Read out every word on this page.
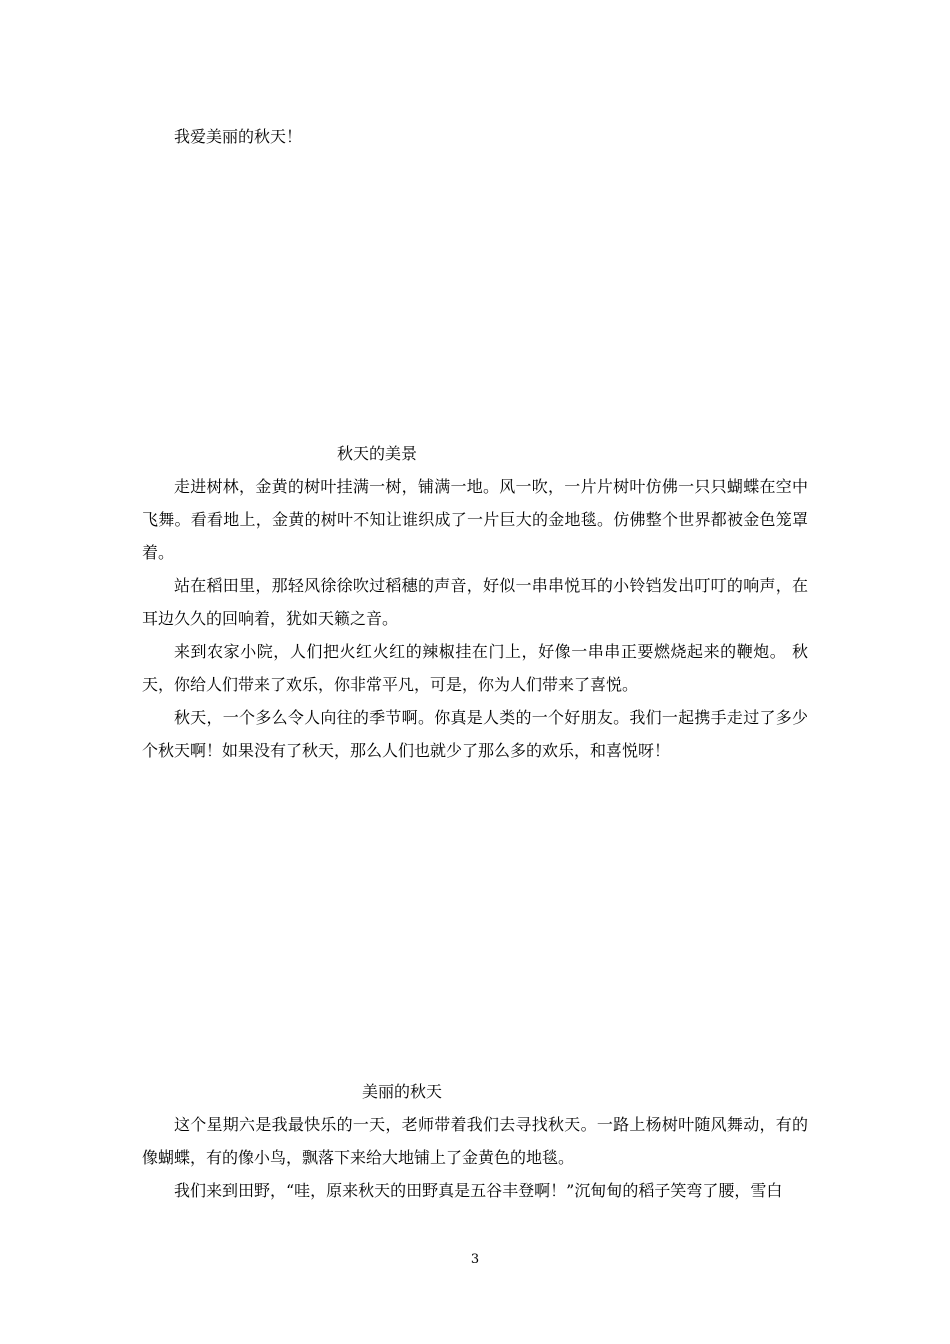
我爱美丽的秋天！

秋天的美景

走进树林，金黄的树叶挂满一树，铺满一地。风一吹，一片片树叶仿佛一只只蝴蝶在空中飞舞。看看地上，金黄的树叶不知让谁织成了一片巨大的金地毯。仿佛整个世界都被金色笼罩着。

站在稻田里，那轻风徐徐吹过稻穗的声音，好似一串串悦耳的小铃铛发出叮叮的响声，在耳边久久的回响着，犹如天籁之音。

来到农家小院，人们把火红火红的辣椒挂在门上，好像一串串正要燃烧起来的鞭炮。 秋天，你给人们带来了欢乐，你非常平凡，可是，你为人们带来了喜悦。

秋天，一个多么令人向往的季节啊。你真是人类的一个好朋友。我们一起携手走过了多少个秋天啊！如果没有了秋天，那么人们也就少了那么多的欢乐，和喜悦呀！

美丽的秋天

这个星期六是我最快乐的一天，老师带着我们去寻找秋天。一路上杨树叶随风舞动，有的像蝴蝶，有的像小鸟，飘落下来给大地铺上了金黄色的地毯。

我们来到田野，“哇，原来秋天的田野真是五谷丰登啊！”沉甸甸的稻子笑弯了腰，雪白

3
